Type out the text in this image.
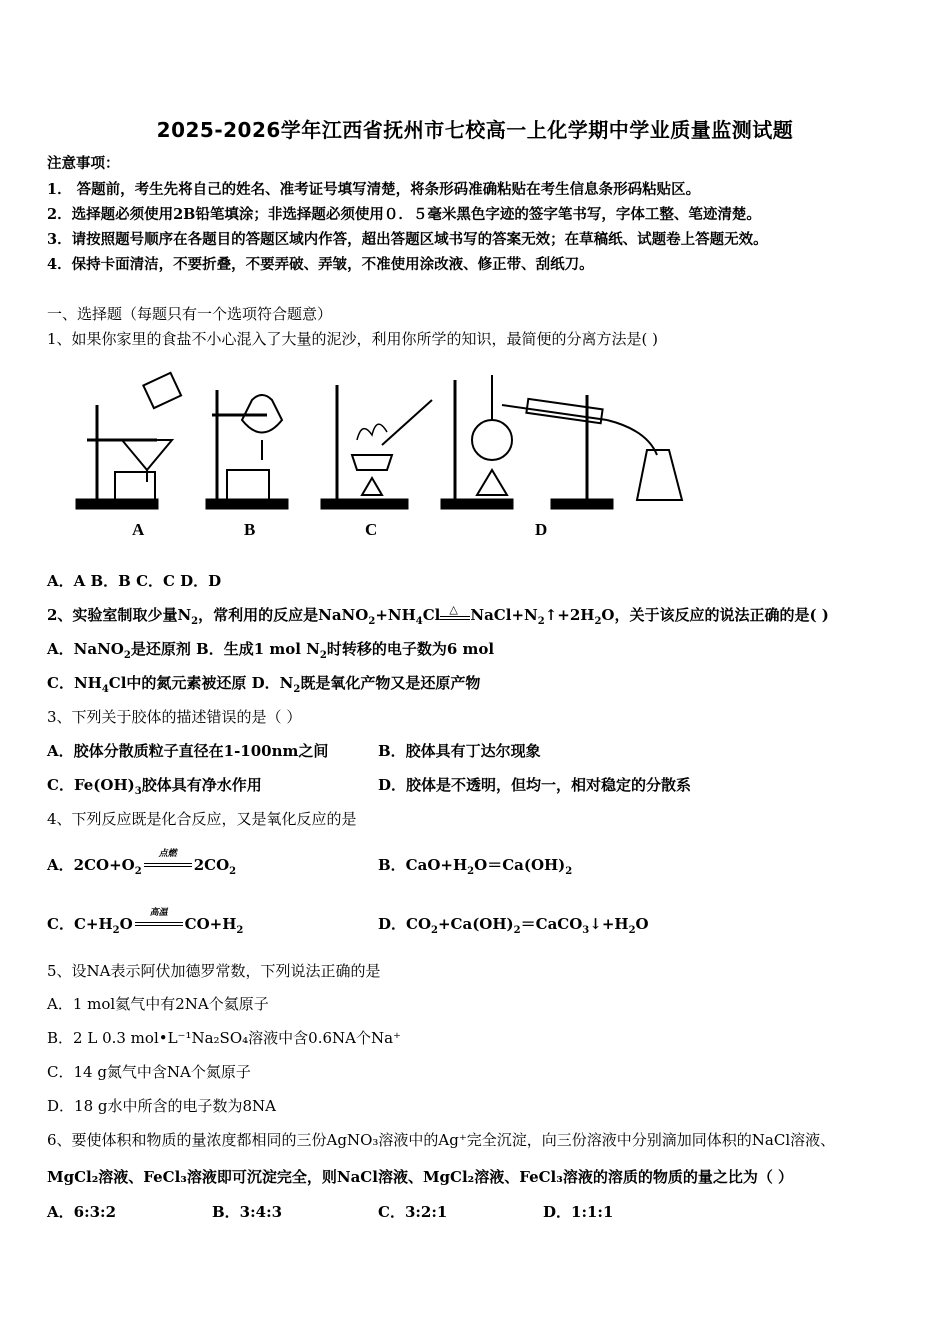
2025-2026学年江西省抚州市七校高一上化学期中学业质量监测试题
注意事项：
1． 答题前，考生先将自己的姓名、准考证号填写清楚，将条形码准确粘贴在考生信息条形码粘贴区。
2．选择题必须使用2B铅笔填涂；非选择题必须使用０．５毫米黑色字迹的签字笔书写，字体工整、笔迹清楚。
3．请按照题号顺序在各题目的答题区域内作答，超出答题区域书写的答案无效；在草稿纸、试题卷上答题无效。
4．保持卡面清洁，不要折叠，不要弄破、弄皱，不准使用涂改液、修正带、刮纸刀。
一、选择题（每题只有一个选项符合题意）
1、如果你家里的食盐不小心混入了大量的泥沙，利用你所学的知识，最简便的分离方法是( )
A	B	C	D
A．A B．B C．C D．D
2、实验室制取少量$N_2$，常利用的反应是$NaNO_2+NH_4Cl$ △ $NaCl+N_2↑+2H_2O$，关于该反应的说法正确的是( )
A．NaNO$_2$是还原剂 B．生成1 mol $N_2$时转移的电子数为6 mol
C．$NH_4Cl$中的氮元素被还原 D．$N_2$既是氧化产物又是还原产物
3、下列关于胶体的描述错误的是（ ）
A．胶体分散质粒子直径在1-100nm之间	B．胶体具有丁达尔现象
C．$Fe(OH)_3$胶体具有净水作用	D．胶体是不透明，但均一，相对稳定的分散系
4、下列反应既是化合反应，又是氧化反应的是
A．$2CO+O_2$
点燃
$2CO_2$	B．$CaO+H_2O=Ca(OH)_2$
C．$C+H_2O$
高温
$CO+H_2$	D．$CO_2+Ca(OH)_2=CaCO_3↓+H_2O$
5、设NA表示阿伏加德罗常数，下列说法正确的是
A．1 mol氦气中有2NA个氦原子
B．2 L 0.3 mol•L⁻¹Na₂SO₄溶液中含0.6NA个Na⁺
C．14 g氮气中含NA个氮原子
D．18 g水中所含的电子数为8NA
6、要使体积和物质的量浓度都相同的三份AgNO₃溶液中的Ag⁺完全沉淀，向三份溶液中分别滴加同体积的NaCl溶液、
MgCl₂溶液、FeCl₃溶液即可沉淀完全，则NaCl溶液、MgCl₂溶液、FeCl₃溶液的溶质的物质的量之比为（ ）
A．6:3:2	B．3:4:3	C．3:2:1	D．1:1:1
